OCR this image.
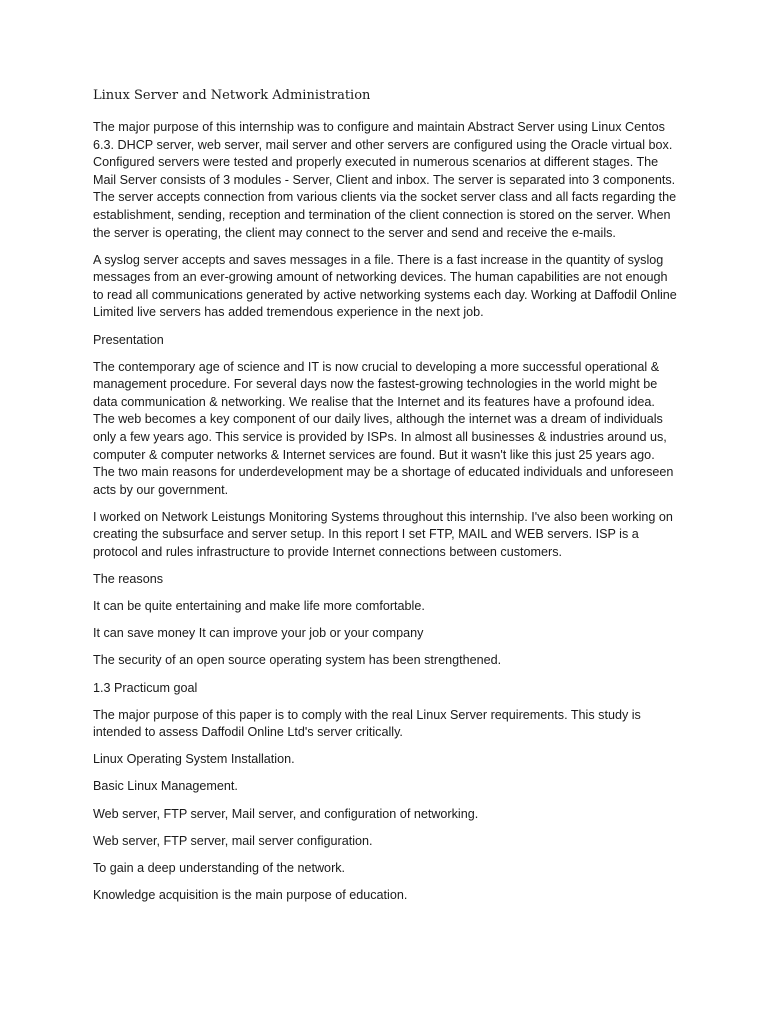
Linux Server and Network Administration

The major purpose of this internship was to configure and maintain Abstract Server using Linux Centos 6.3. DHCP server, web server, mail server and other servers are configured using the Oracle virtual box. Configured servers were tested and properly executed in numerous scenarios at different stages. The Mail Server consists of 3 modules - Server, Client and inbox. The server is separated into 3 components. The server accepts connection from various clients via the socket server class and all facts regarding the establishment, sending, reception and termination of the client connection is stored on the server. When the server is operating, the client may connect to the server and send and receive the e-mails.

A syslog server accepts and saves messages in a file. There is a fast increase in the quantity of syslog messages from an ever-growing amount of networking devices. The human capabilities are not enough to read all communications generated by active networking systems each day. Working at Daffodil Online Limited live servers has added tremendous experience in the next job.

Presentation

The contemporary age of science and IT is now crucial to developing a more successful operational & management procedure. For several days now the fastest-growing technologies in the world might be data communication & networking. We realise that the Internet and its features have a profound idea. The web becomes a key component of our daily lives, although the internet was a dream of individuals only a few years ago. This service is provided by ISPs. In almost all businesses & industries around us, computer & computer networks & Internet services are found. But it wasn't like this just 25 years ago. The two main reasons for underdevelopment may be a shortage of educated individuals and unforeseen acts by our government.

I worked on Network Leistungs Monitoring Systems throughout this internship. I've also been working on creating the subsurface and server setup. In this report I set FTP, MAIL and WEB servers. ISP is a protocol and rules infrastructure to provide Internet connections between customers.

The reasons

It can be quite entertaining and make life more comfortable.

It can save money It can improve your job or your company

The security of an open source operating system has been strengthened.

1.3 Practicum goal

The major purpose of this paper is to comply with the real Linux Server requirements. This study is intended to assess Daffodil Online Ltd's server critically.

Linux Operating System Installation.

Basic Linux Management.

Web server, FTP server, Mail server, and configuration of networking.

Web server, FTP server, mail server configuration.

To gain a deep understanding of the network.

Knowledge acquisition is the main purpose of education.
